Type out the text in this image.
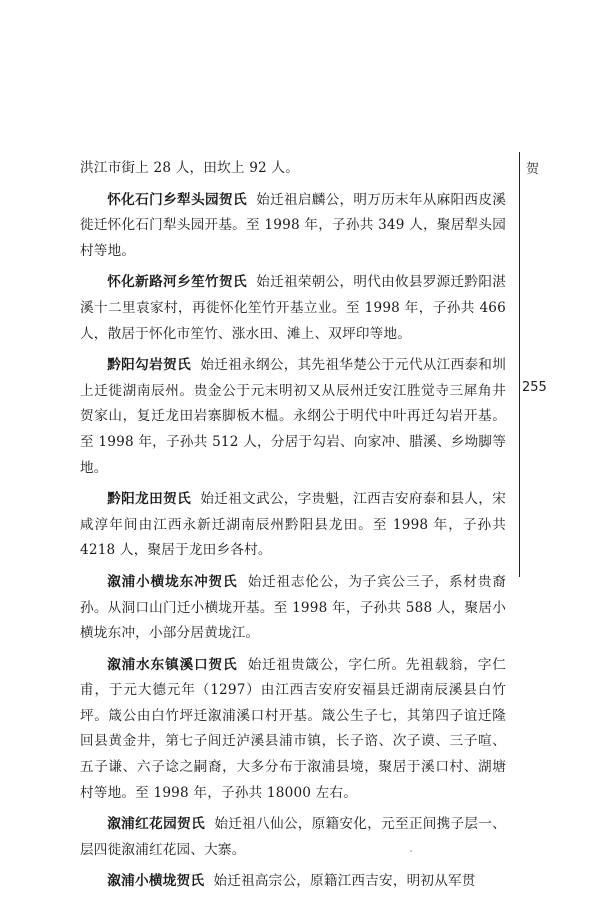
洪江市街上 28 人，田坎上 92 人。

怀化石门乡犁头园贺氏 始迁祖启麟公，明万历末年从麻阳西皮溪徙迁怀化石门犁头园开基。至 1998 年，子孙共 349 人，聚居犁头园村等地。

怀化新路河乡笙竹贺氏 始迁祖荣朝公，明代由攸县罗源迁黔阳湛溪十二里袁家村，再徙怀化笙竹开基立业。至 1998 年，子孙共 466 人，散居于怀化市笙竹、涨水田、滩上、双坪印等地。

黔阳勾岩贺氏 始迁祖永纲公，其先祖华楚公于元代从江西泰和圳上迁徙湖南辰州。贵金公于元末明初又从辰州迁安江胜觉寺三犀角井贺家山，复迁龙田岩寨脚板木榅。永纲公于明代中叶再迁勾岩开基。至 1998 年，子孙共 512 人，分居于勾岩、向家冲、腊溪、乡坳脚等地。

黔阳龙田贺氏 始迁祖文武公，字贵魁，江西吉安府泰和县人，宋咸淳年间由江西永新迁湖南辰州黔阳县龙田。至 1998 年，子孙共 4218 人，聚居于龙田乡各村。

溆浦小横垅东冲贺氏 始迁祖志伦公，为子宾公三子，系材贵裔孙。从洞口山门迁小横垅开基。至 1998 年，子孙共 588 人，聚居小横垅东冲，小部分居黄垅江。

溆浦水东镇溪口贺氏 始迁祖贵箴公，字仁所。先祖载翁，字仁甫，于元大德元年（1297）由江西吉安府安福县迁湖南辰溪县白竹坪。箴公由白竹坪迁溆浦溪口村开基。箴公生子七，其第四子谊迁隆回县黄金井，第七子闾迁泸溪县浦市镇，长子谘、次子谟、三子喧、五子谦、六子谂之嗣裔，大多分布于溆浦县境，聚居于溪口村、湖塘村等地。至 1998 年，子孙共 18000 左右。

溆浦红花园贺氏 始迁祖八仙公，原籍安化，元至正间携子层一、层四徙溆浦红花园、大寨。

溆浦小横垅贺氏 始迁祖高宗公，原籍江西吉安，明初从军贯

贺
255
